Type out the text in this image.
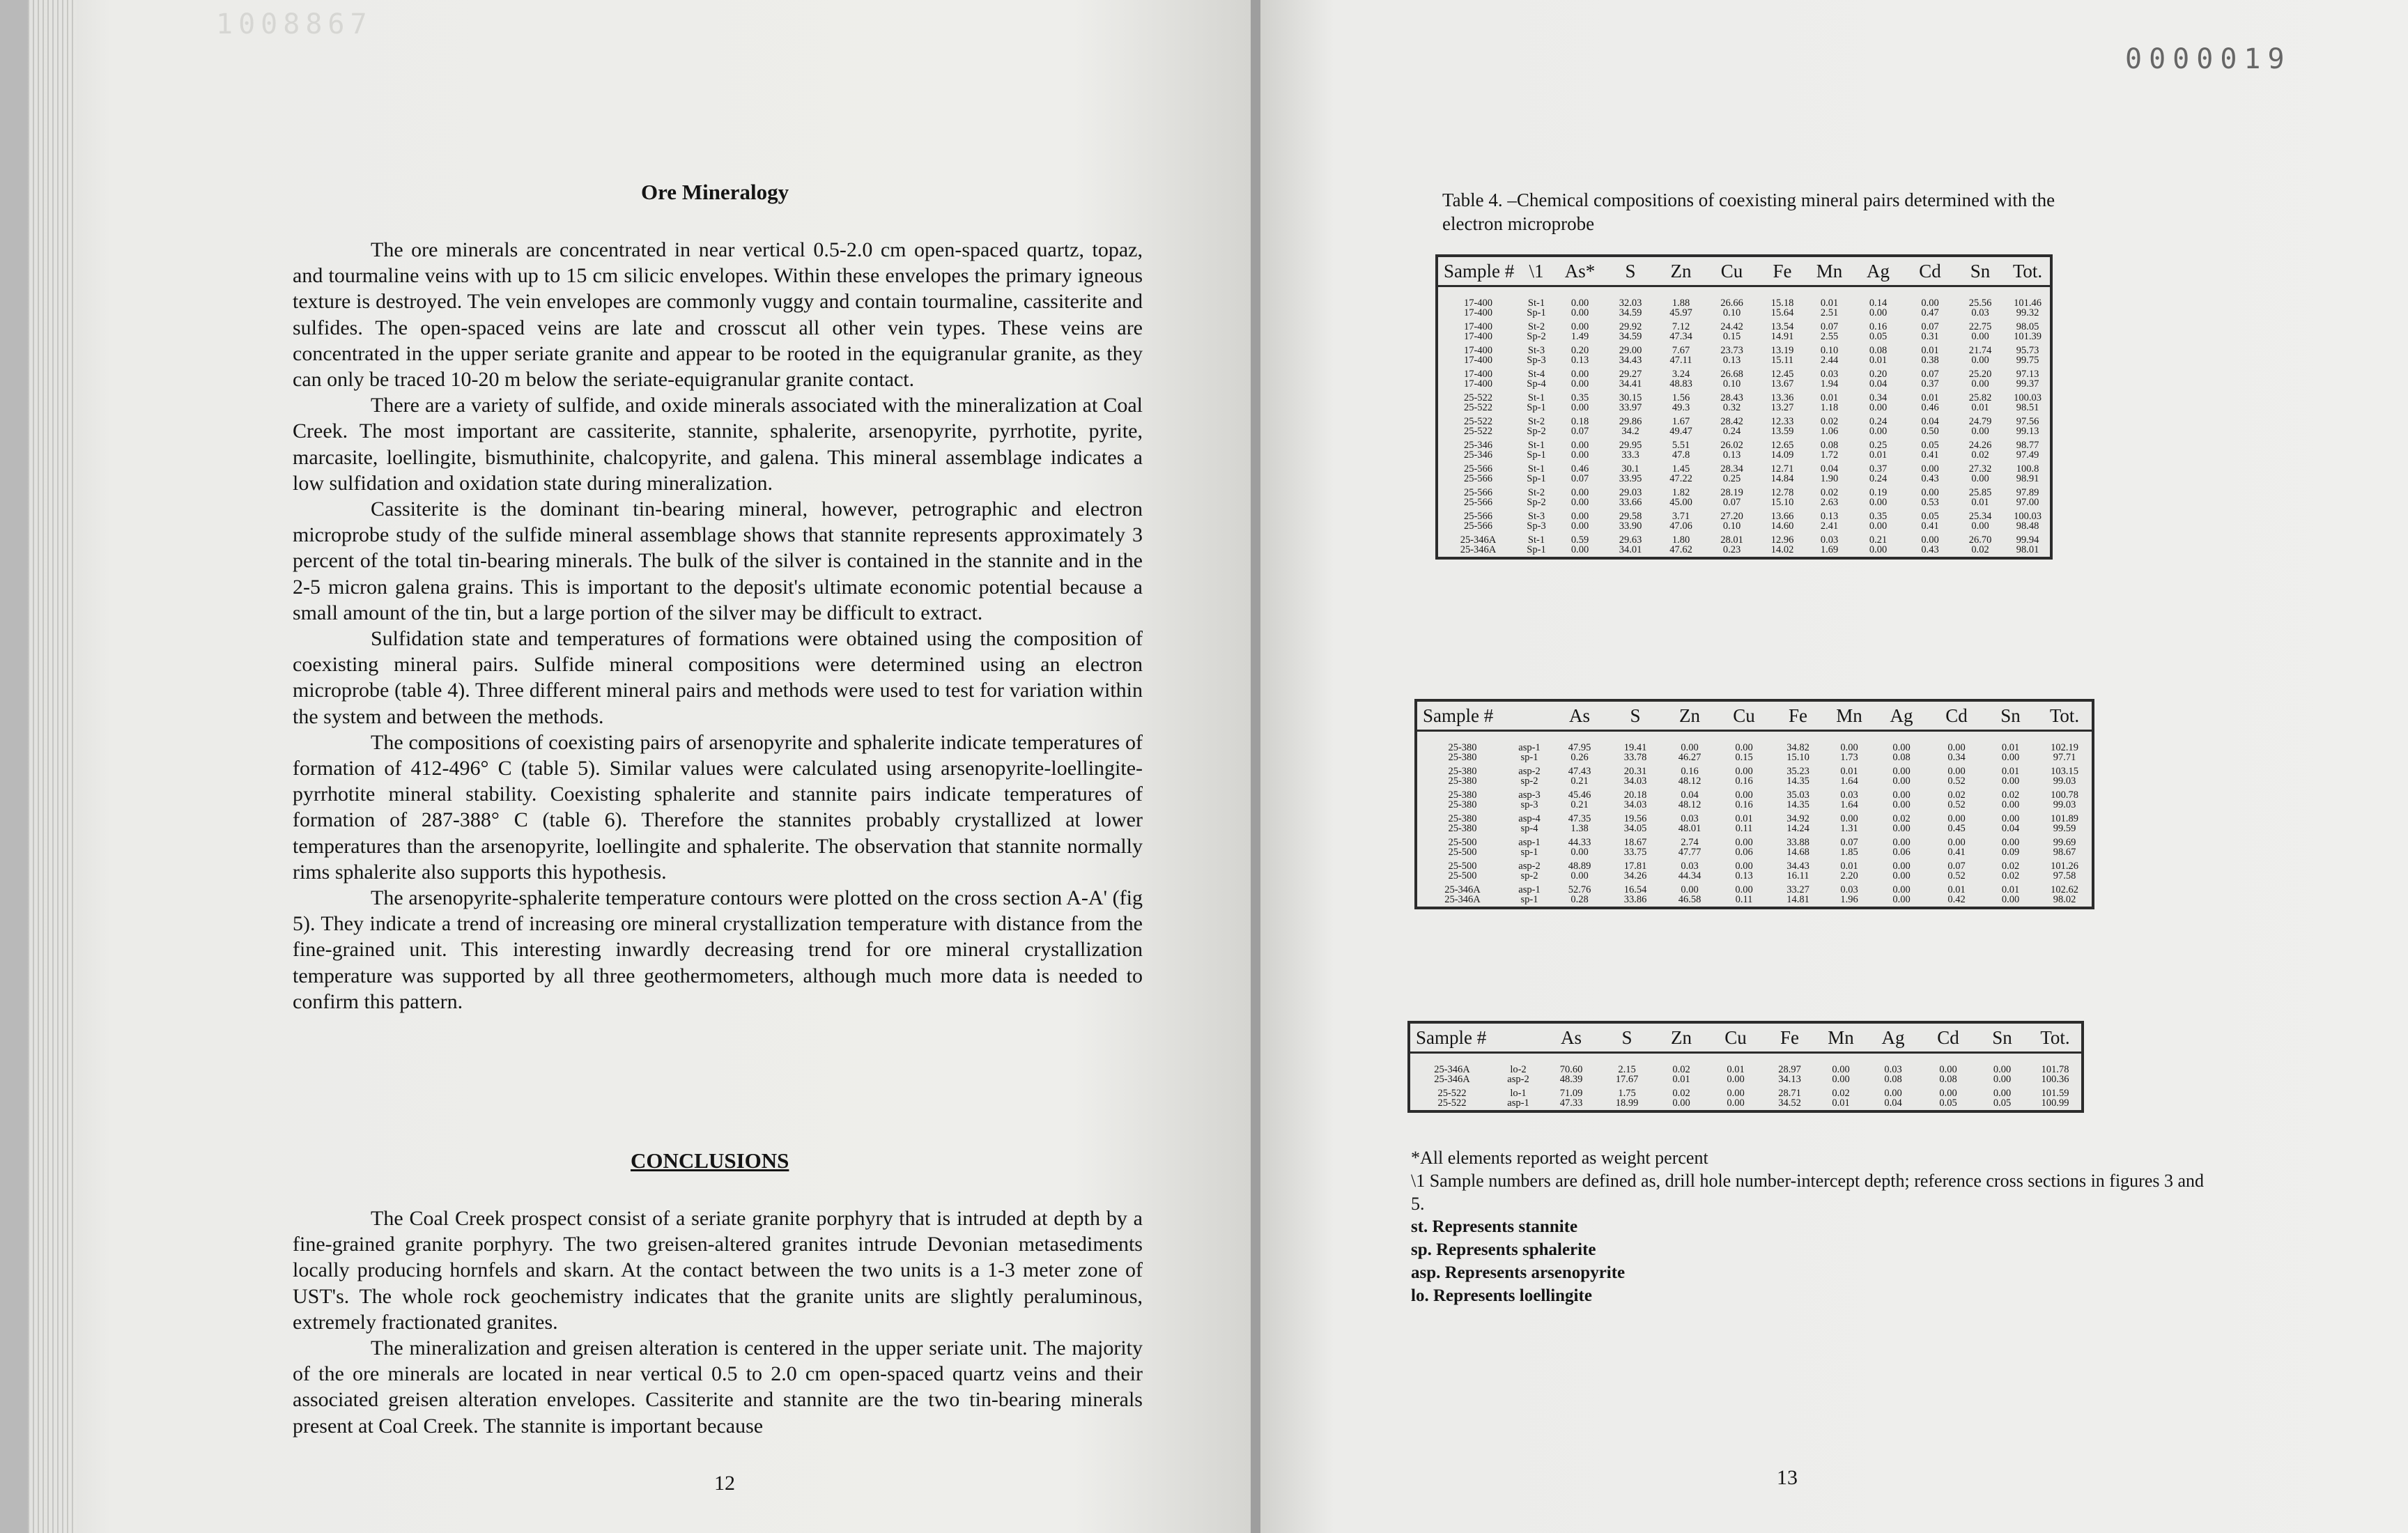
1008867
Ore Mineralogy

The ore minerals are concentrated in near vertical 0.5-2.0 cm open-spaced quartz, topaz, and tourmaline veins with up to 15 cm silicic envelopes. Within these envelopes the primary igneous texture is destroyed. The vein envelopes are commonly vuggy and contain tourmaline, cassiterite and sulfides. The open-spaced veins are late and crosscut all other vein types. These veins are concentrated in the upper seriate granite and appear to be rooted in the equigranular granite, as they can only be traced 10-20 m below the seriate-equigranular granite contact.

There are a variety of sulfide, and oxide minerals associated with the mineralization at Coal Creek. The most important are cassiterite, stannite, sphalerite, arsenopyrite, pyrrhotite, pyrite, marcasite, loellingite, bismuthinite, chalcopyrite, and galena. This mineral assemblage indicates a low sulfidation and oxidation state during mineralization.

Cassiterite is the dominant tin-bearing mineral, however, petrographic and electron microprobe study of the sulfide mineral assemblage shows that stannite represents approximately 3 percent of the total tin-bearing minerals. The bulk of the silver is contained in the stannite and in the 2-5 micron galena grains. This is important to the deposit's ultimate economic potential because a small amount of the tin, but a large portion of the silver may be difficult to extract.

Sulfidation state and temperatures of formations were obtained using the composition of coexisting mineral pairs. Sulfide mineral compositions were determined using an electron microprobe (table 4). Three different mineral pairs and methods were used to test for variation within the system and between the methods.

The compositions of coexisting pairs of arsenopyrite and sphalerite indicate temperatures of formation of 412-496° C (table 5). Similar values were calculated using arsenopyrite-loellingite-pyrrhotite mineral stability. Coexisting sphalerite and stannite pairs indicate temperatures of formation of 287-388° C (table 6). Therefore the stannites probably crystallized at lower temperatures than the arsenopyrite, loellingite and sphalerite. The observation that stannite normally rims sphalerite also supports this hypothesis.

The arsenopyrite-sphalerite temperature contours were plotted on the cross section A-A' (fig 5). They indicate a trend of increasing ore mineral crystallization temperature with distance from the fine-grained unit. This interesting inwardly decreasing trend for ore mineral crystallization temperature was supported by all three geothermometers, although much more data is needed to confirm this pattern.

CONCLUSIONS

The Coal Creek prospect consist of a seriate granite porphyry that is intruded at depth by a fine-grained granite porphyry. The two greisen-altered granites intrude Devonian metasediments locally producing hornfels and skarn. At the contact between the two units is a 1-3 meter zone of UST's. The whole rock geochemistry indicates that the granite units are slightly peraluminous, extremely fractionated granites.

The mineralization and greisen alteration is centered in the upper seriate unit. The majority of the ore minerals are located in near vertical 0.5 to 2.0 cm open-spaced quartz veins and their associated greisen alteration envelopes. Cassiterite and stannite are the two tin-bearing minerals present at Coal Creek. The stannite is important because

12
0000019
Table 4. –Chemical compositions of coexisting mineral pairs determined with the electron microprobe
Sample #	\1	As*	S	Zn	Cu	Fe	Mn	Ag	Cd	Sn	Tot.
17-400	St-1	0.00	32.03	1.88	26.66	15.18	0.01	0.14	0.00	25.56	101.46
17-400	Sp-1	0.00	34.59	45.97	0.10	15.64	2.51	0.00	0.47	0.03	99.32
17-400	St-2	0.00	29.92	7.12	24.42	13.54	0.07	0.16	0.07	22.75	98.05
17-400	Sp-2	1.49	34.59	47.34	0.15	14.91	2.55	0.05	0.31	0.00	101.39
17-400	St-3	0.20	29.00	7.67	23.73	13.19	0.10	0.08	0.01	21.74	95.73
17-400	Sp-3	0.13	34.43	47.11	0.13	15.11	2.44	0.01	0.38	0.00	99.75
17-400	St-4	0.00	29.27	3.24	26.68	12.45	0.03	0.20	0.07	25.20	97.13
17-400	Sp-4	0.00	34.41	48.83	0.10	13.67	1.94	0.04	0.37	0.00	99.37
25-522	St-1	0.35	30.15	1.56	28.43	13.36	0.01	0.34	0.01	25.82	100.03
25-522	Sp-1	0.00	33.97	49.3	0.32	13.27	1.18	0.00	0.46	0.01	98.51
25-522	St-2	0.18	29.86	1.67	28.42	12.33	0.02	0.24	0.04	24.79	97.56
25-522	Sp-2	0.07	34.2	49.47	0.24	13.59	1.06	0.00	0.50	0.00	99.13
25-346	St-1	0.00	29.95	5.51	26.02	12.65	0.08	0.25	0.05	24.26	98.77
25-346	Sp-1	0.00	33.3	47.8	0.13	14.09	1.72	0.01	0.41	0.02	97.49
25-566	St-1	0.46	30.1	1.45	28.34	12.71	0.04	0.37	0.00	27.32	100.8
25-566	Sp-1	0.07	33.95	47.22	0.25	14.84	1.90	0.24	0.43	0.00	98.91
25-566	St-2	0.00	29.03	1.82	28.19	12.78	0.02	0.19	0.00	25.85	97.89
25-566	Sp-2	0.00	33.66	45.00	0.07	15.10	2.63	0.00	0.53	0.01	97.00
25-566	St-3	0.00	29.58	3.71	27.20	13.66	0.13	0.35	0.05	25.34	100.03
25-566	Sp-3	0.00	33.90	47.06	0.10	14.60	2.41	0.00	0.41	0.00	98.48
25-346A	St-1	0.59	29.63	1.80	28.01	12.96	0.03	0.21	0.00	26.70	99.94
25-346A	Sp-1	0.00	34.01	47.62	0.23	14.02	1.69	0.00	0.43	0.02	98.01
Sample #		As	S	Zn	Cu	Fe	Mn	Ag	Cd	Sn	Tot.
25-380	asp-1	47.95	19.41	0.00	0.00	34.82	0.00	0.00	0.00	0.01	102.19
25-380	sp-1	0.26	33.78	46.27	0.15	15.10	1.73	0.08	0.34	0.00	97.71
25-380	asp-2	47.43	20.31	0.16	0.00	35.23	0.01	0.00	0.00	0.01	103.15
25-380	sp-2	0.21	34.03	48.12	0.16	14.35	1.64	0.00	0.52	0.00	99.03
25-380	asp-3	45.46	20.18	0.04	0.00	35.03	0.03	0.00	0.02	0.02	100.78
25-380	sp-3	0.21	34.03	48.12	0.16	14.35	1.64	0.00	0.52	0.00	99.03
25-380	asp-4	47.35	19.56	0.03	0.01	34.92	0.00	0.02	0.00	0.00	101.89
25-380	sp-4	1.38	34.05	48.01	0.11	14.24	1.31	0.00	0.45	0.04	99.59
25-500	asp-1	44.33	18.67	2.74	0.00	33.88	0.07	0.00	0.00	0.00	99.69
25-500	sp-1	0.00	33.75	47.77	0.06	14.68	1.85	0.06	0.41	0.09	98.67
25-500	asp-2	48.89	17.81	0.03	0.00	34.43	0.01	0.00	0.07	0.02	101.26
25-500	sp-2	0.00	34.26	44.34	0.13	16.11	2.20	0.00	0.52	0.02	97.58
25-346A	asp-1	52.76	16.54	0.00	0.00	33.27	0.03	0.00	0.01	0.01	102.62
25-346A	sp-1	0.28	33.86	46.58	0.11	14.81	1.96	0.00	0.42	0.00	98.02
Sample #		As	S	Zn	Cu	Fe	Mn	Ag	Cd	Sn	Tot.
25-346A	lo-2	70.60	2.15	0.02	0.01	28.97	0.00	0.03	0.00	0.00	101.78
25-346A	asp-2	48.39	17.67	0.01	0.00	34.13	0.00	0.08	0.08	0.00	100.36
25-522	lo-1	71.09	1.75	0.02	0.00	28.71	0.02	0.00	0.00	0.00	101.59
25-522	asp-1	47.33	18.99	0.00	0.00	34.52	0.01	0.04	0.05	0.05	100.99

*All elements reported as weight percent

\1 Sample numbers are defined as, drill hole number-intercept depth; reference cross sections in figures 3 and 5.

st. Represents stannite
sp. Represents sphalerite
asp. Represents arsenopyrite
lo. Represents loellingite
13
